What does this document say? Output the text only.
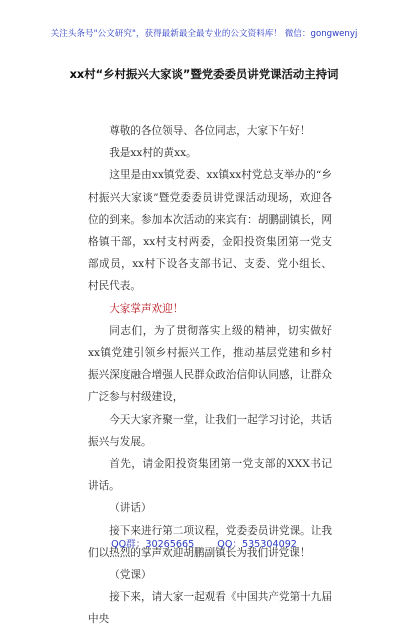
关注头条号"公文研究"，获得最新最全最专业的公文资料库！ 微信：gongwenyj
xx村“乡村振兴大家谈”暨党委委员讲党课活动主持词

尊敬的各位领导、各位同志，大家下午好！

我是xx村的黄xx。

这里是由xx镇党委、xx镇xx村党总支举办的“乡村振兴大家谈”暨党委委员讲党课活动现场，欢迎各位的到来。参加本次活动的来宾有：胡鹏副镇长，网格镇干部，xx村支村两委，金阳投资集团第一党支部成员，xx村下设各支部书记、支委、党小组长、村民代表。

大家掌声欢迎！

同志们，为了贯彻落实上级的精神，切实做好xx镇党建引领乡村振兴工作，推动基层党建和乡村振兴深度融合增强人民群众政治信仰认同感，让群众广泛参与村级建设，

今天大家齐聚一堂，让我们一起学习讨论，共话振兴与发展。

首先，请金阳投资集团第一党支部的XXX书记讲话。

（讲话）

接下来进行第二项议程，党委委员讲党课。让我们以热烈的掌声欢迎胡鹏副镇长为我们讲党课！

（党课）

接下来，请大家一起观看《中国共产党第十九届中央

QQ群：30265665 QQ：535304092
